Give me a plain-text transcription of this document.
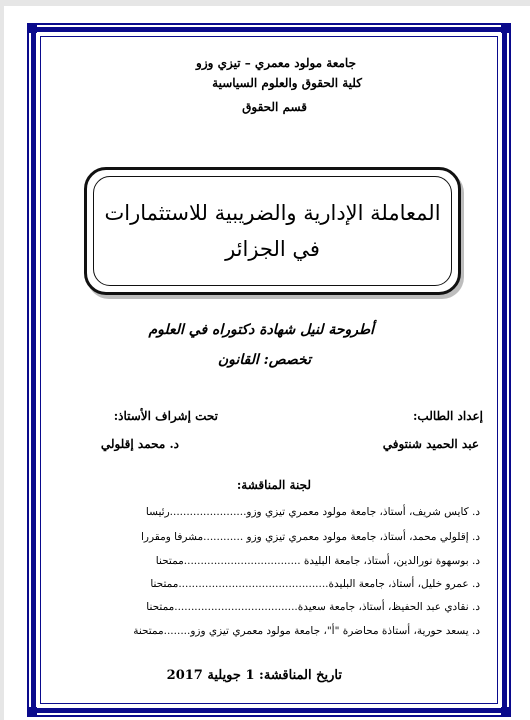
جامعة مولود معمري – تيزي وزو
كلية الحقوق والعلوم السياسية
قسم الحقوق
المعاملة الإدارية والضريبية للاستثمارات
في الجزائر
أطروحة لنيل شهادة دكتوراه في العلوم
تخصص: القانون
إعداد الطالب:
تحت إشراف الأستاذ:
عبد الحميد شنتوفي
د. محمد إقلولي
لجنة المناقشة:
د. كايس شريف، أستاذ، جامعة مولود معمري تيزي وزو.......................رئيسا
د. إقلولي محمد، أستاذ، جامعة مولود معمري تيزي وزو ............مشرفا ومقررا
د. بوسهوة نورالدين، أستاذ، جامعة البليدة ...................................ممتحنا
د. عمرو خليل، أستاذ، جامعة البليدة.............................................ممتحنا
د. نقادي عبد الحفيظ، أستاذ، جامعة سعيدة.....................................ممتحنا
د. يسعد حورية، أستاذة محاضرة "أ"، جامعة مولود معمري تيزي وزو........ممتحنة
تاريخ المناقشة: 1 جويلية 2017
